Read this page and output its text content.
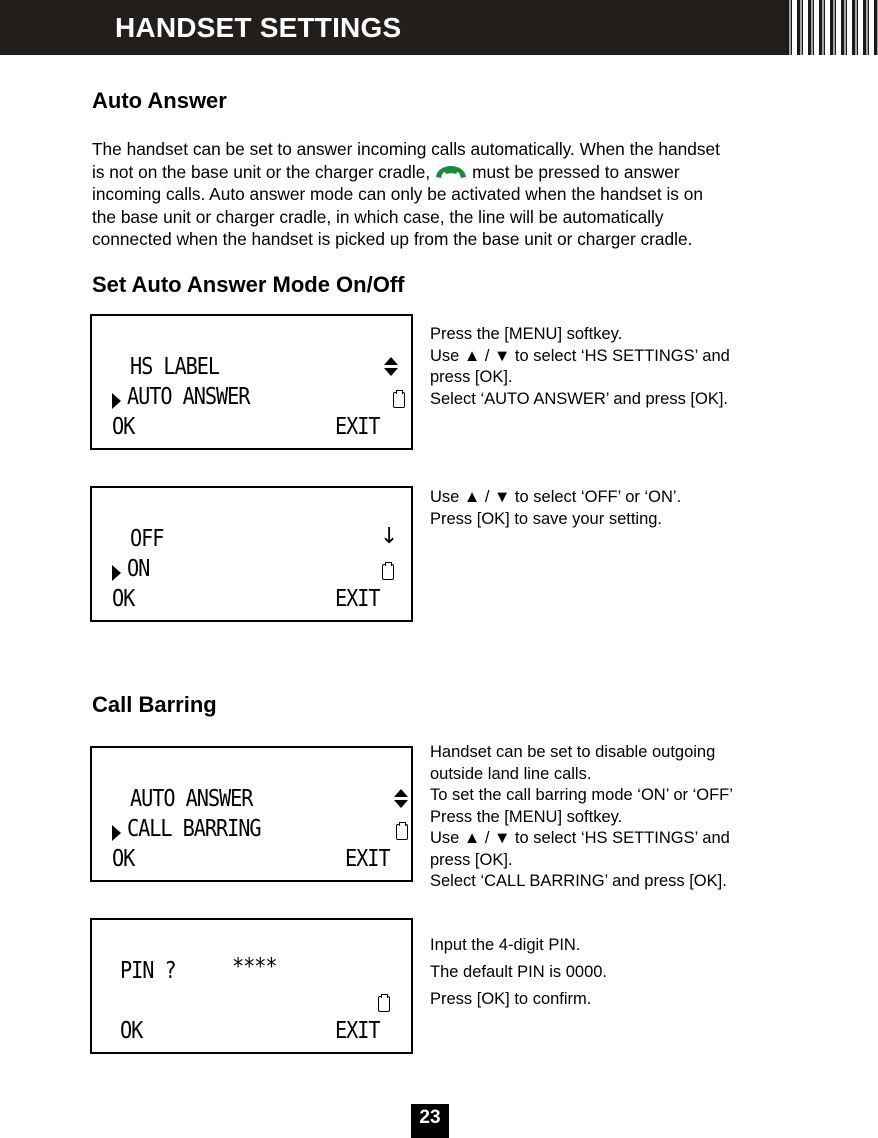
HANDSET SETTINGS
Auto Answer
The handset can be set to answer incoming calls automatically. When the handset
is not on the base unit or the charger cradle, must be pressed to answer
incoming calls. Auto answer mode can only be activated when the handset is on
the base unit or charger cradle, in which case, the line will be automatically
connected when the handset is picked up from the base unit or charger cradle.
Set Auto Answer Mode On/Off
HS LABEL
AUTO ANSWER
OK	EXIT
Press the [MENU] softkey.
Use ▲ / ▼ to select ‘HS SETTINGS’ and
press [OK].
Select ‘AUTO ANSWER’ and press [OK].
OFF	↓
ON
OK	EXIT
Use ▲ / ▼ to select ‘OFF’ or ‘ON’.
Press [OK] to save your setting.
Call Barring
AUTO ANSWER
CALL BARRING
OK	EXIT
Handset can be set to disable outgoing
outside land line calls.
To set the call barring mode ‘ON’ or ‘OFF’
Press the [MENU] softkey.
Use ▲ / ▼ to select ‘HS SETTINGS’ and
press [OK].
Select ‘CALL BARRING’ and press [OK].
PIN ? ****
OK	EXIT
Input the 4-digit PIN.
The default PIN is 0000.
Press [OK] to confirm.
23
